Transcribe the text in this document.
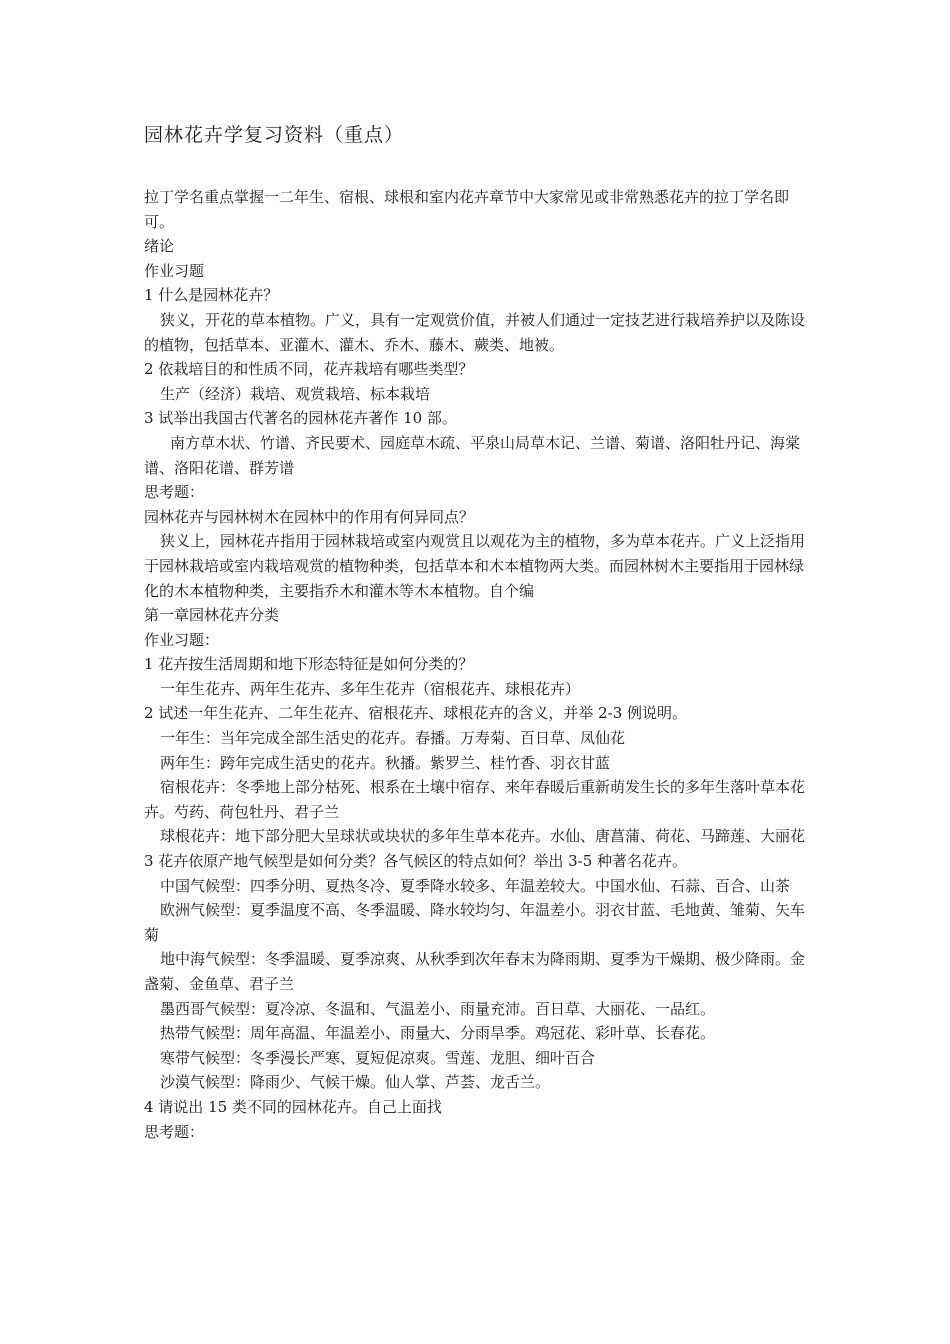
园林花卉学复习资料（重点）

拉丁学名重点掌握一二年生、宿根、球根和室内花卉章节中大家常见或非常熟悉花卉的拉丁学名即可。

绪论

作业习题

1 什么是园林花卉？

狭义，开花的草本植物。广义，具有一定观赏价值，并被人们通过一定技艺进行栽培养护以及陈设的植物，包括草本、亚灌木、灌木、乔木、藤木、蕨类、地被。

2 依栽培目的和性质不同，花卉栽培有哪些类型？

生产（经济）栽培、观赏栽培、标本栽培

3 试举出我国古代著名的园林花卉著作 10 部。

南方草木状、竹谱、齐民要术、园庭草木疏、平泉山局草木记、兰谱、菊谱、洛阳牡丹记、海棠谱、洛阳花谱、群芳谱

思考题：

园林花卉与园林树木在园林中的作用有何异同点？

狭义上，园林花卉指用于园林栽培或室内观赏且以观花为主的植物，多为草本花卉。广义上泛指用于园林栽培或室内栽培观赏的植物种类，包括草本和木本植物两大类。而园林树木主要指用于园林绿化的木本植物种类，主要指乔木和灌木等木本植物。自个编

第一章园林花卉分类

作业习题：

1 花卉按生活周期和地下形态特征是如何分类的？

一年生花卉、两年生花卉、多年生花卉（宿根花卉、球根花卉）

2 试述一年生花卉、二年生花卉、宿根花卉、球根花卉的含义，并举 2-3 例说明。

一年生：当年完成全部生活史的花卉。春播。万寿菊、百日草、凤仙花

两年生：跨年完成生活史的花卉。秋播。紫罗兰、桂竹香、羽衣甘蓝

宿根花卉：冬季地上部分枯死、根系在土壤中宿存、来年春暖后重新萌发生长的多年生落叶草本花卉。芍药、荷包牡丹、君子兰

球根花卉：地下部分肥大呈球状或块状的多年生草本花卉。水仙、唐菖蒲、荷花、马蹄莲、大丽花

3 花卉依原产地气候型是如何分类？各气候区的特点如何？举出 3-5 种著名花卉。

中国气候型：四季分明、夏热冬冷、夏季降水较多、年温差较大。中国水仙、石蒜、百合、山茶

欧洲气候型：夏季温度不高、冬季温暖、降水较均匀、年温差小。羽衣甘蓝、毛地黄、雏菊、矢车菊

地中海气候型：冬季温暖、夏季凉爽、从秋季到次年春末为降雨期、夏季为干燥期、极少降雨。金盏菊、金鱼草、君子兰

墨西哥气候型：夏冷凉、冬温和、气温差小、雨量充沛。百日草、大丽花、一品红。

热带气候型：周年高温、年温差小、雨量大、分雨旱季。鸡冠花、彩叶草、长春花。

寒带气候型：冬季漫长严寒、夏短促凉爽。雪莲、龙胆、细叶百合

沙漠气候型：降雨少、气候干燥。仙人掌、芦荟、龙舌兰。

4 请说出 15 类不同的园林花卉。自己上面找

思考题：
